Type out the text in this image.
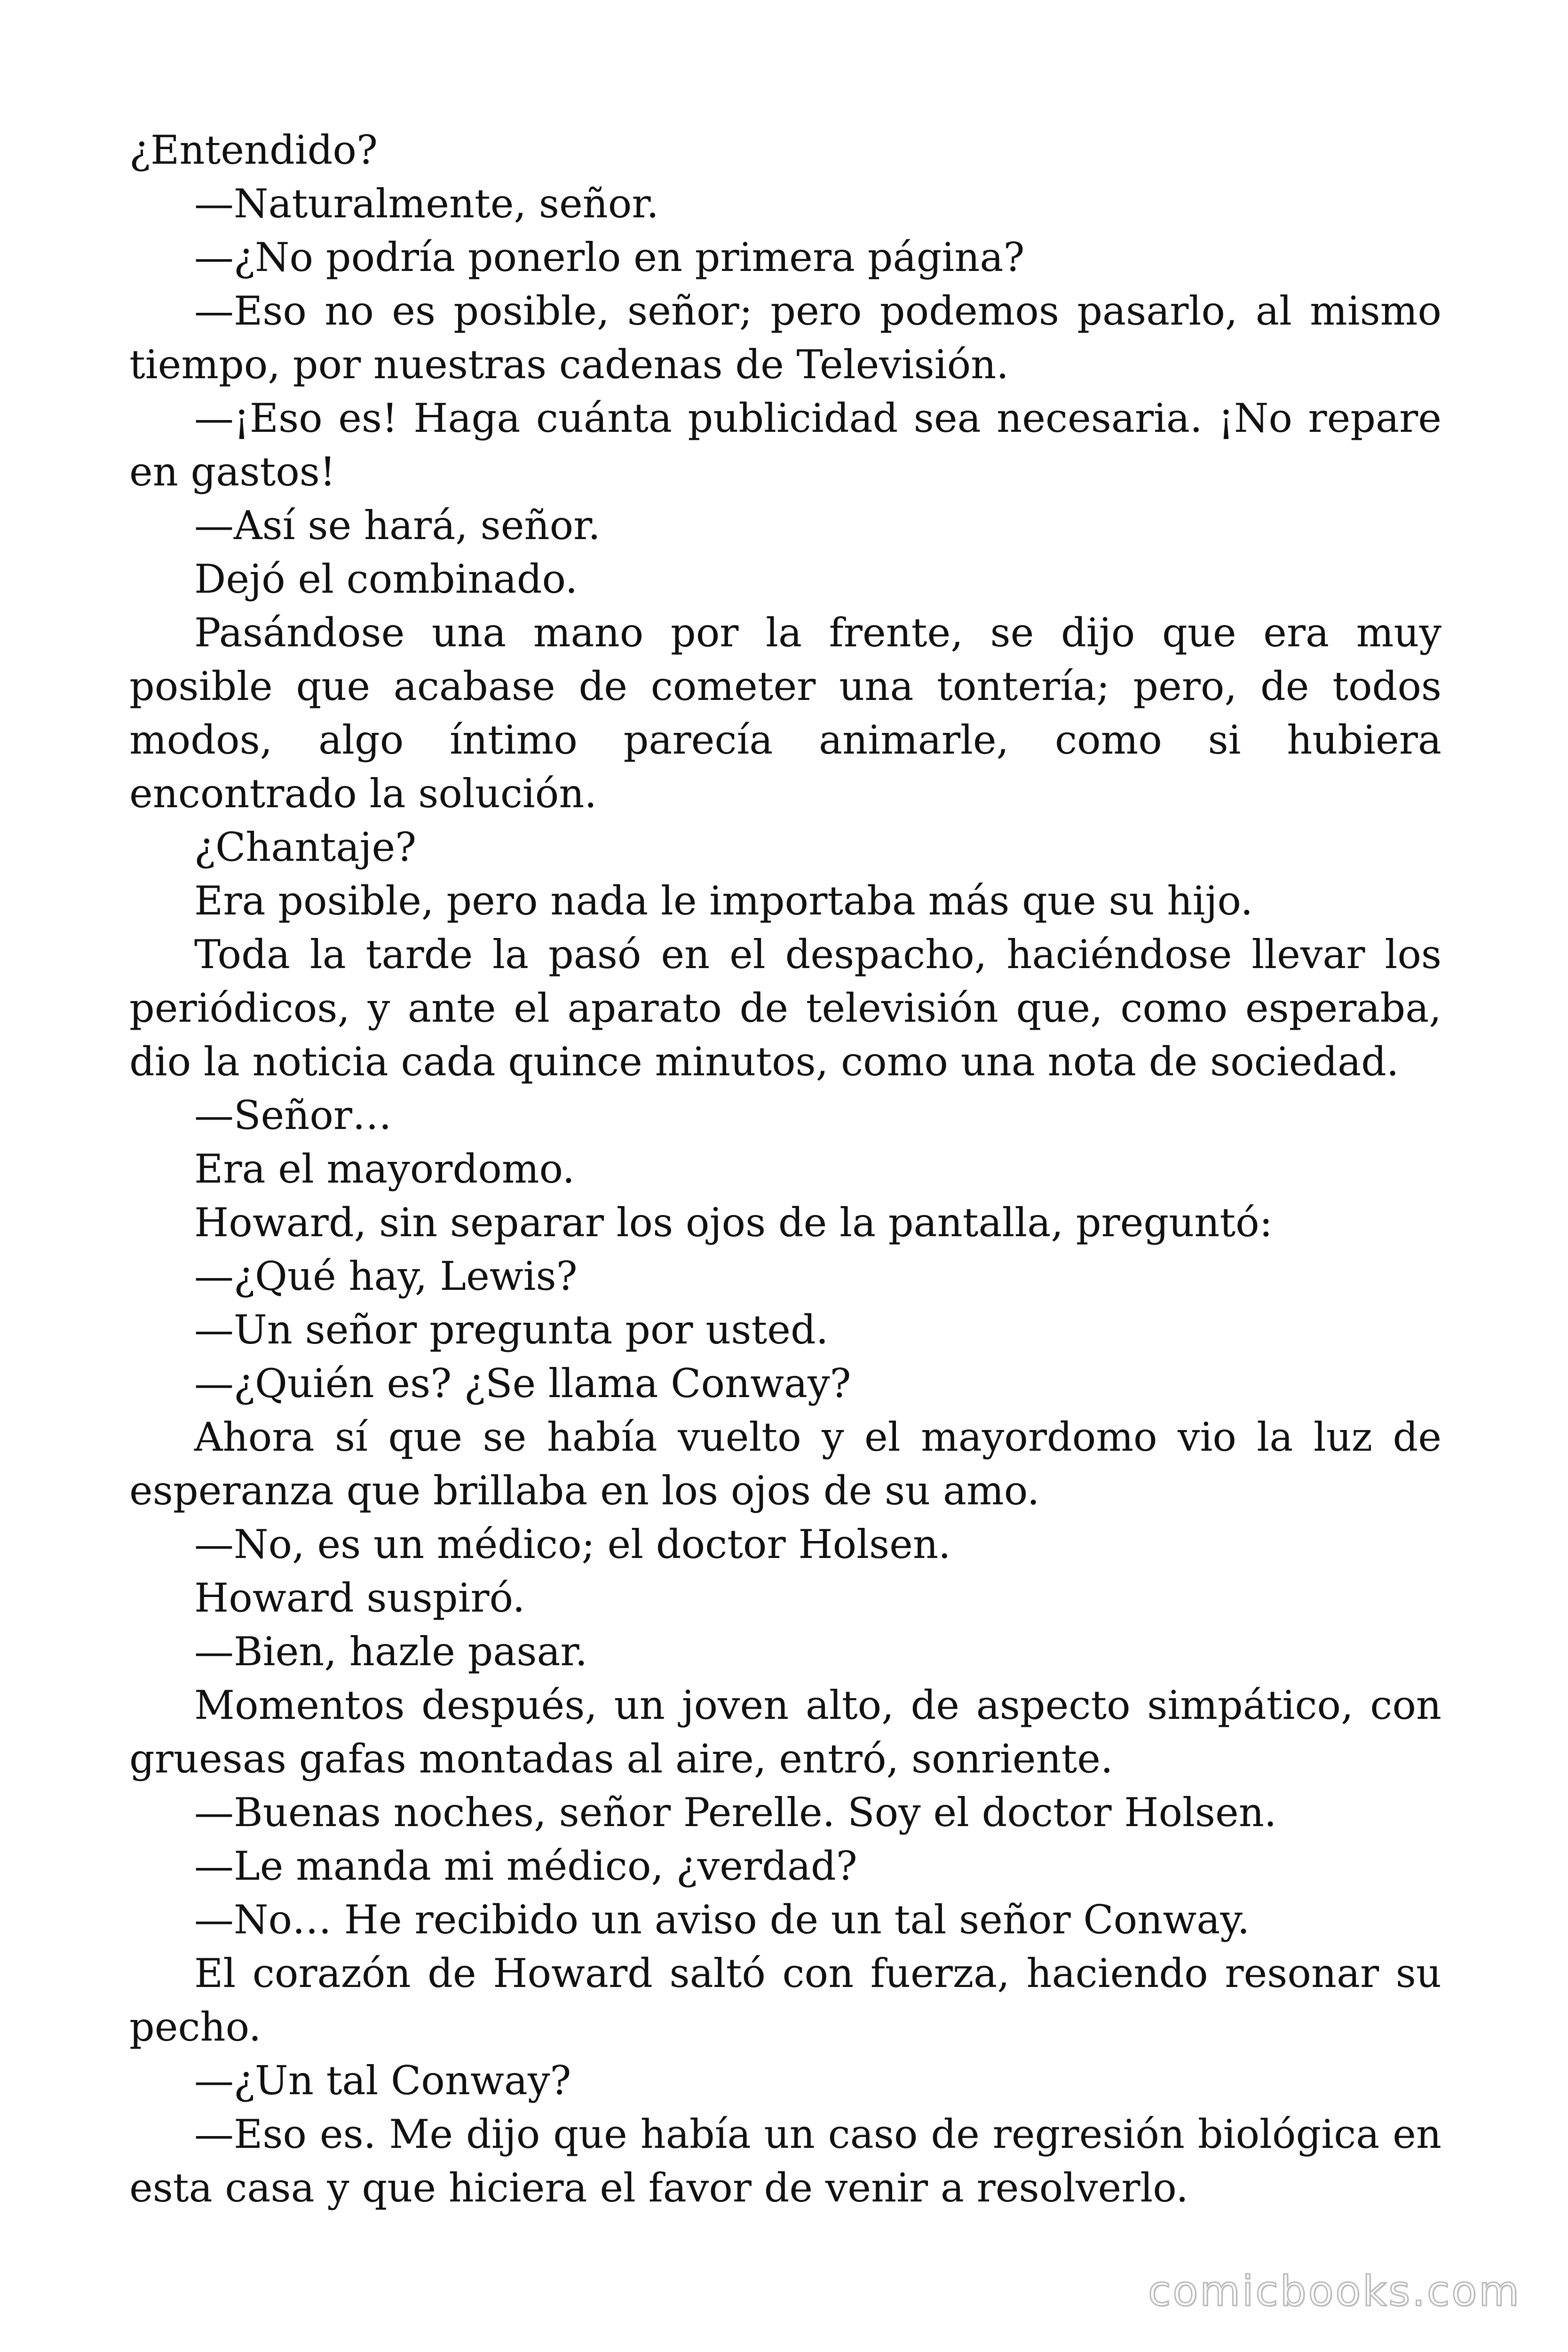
¿Entendido?

—Naturalmente, señor.

—¿No podría ponerlo en primera página?

—Eso no es posible, señor; pero podemos pasarlo, al mismo tiempo, por nuestras cadenas de Televisión.

—¡Eso es! Haga cuánta publicidad sea necesaria. ¡No repare en gastos!

—Así se hará, señor.

Dejó el combinado.

Pasándose una mano por la frente, se dijo que era muy posible que acabase de cometer una tontería; pero, de todos modos, algo íntimo parecía animarle, como si hubiera encontrado la solución.

¿Chantaje?

Era posible, pero nada le importaba más que su hijo.

Toda la tarde la pasó en el despacho, haciéndose llevar los periódicos, y ante el aparato de televisión que, como esperaba, dio la noticia cada quince minutos, como una nota de sociedad.

—Señor…

Era el mayordomo.

Howard, sin separar los ojos de la pantalla, preguntó:

—¿Qué hay, Lewis?

—Un señor pregunta por usted.

—¿Quién es? ¿Se llama Conway?

Ahora sí que se había vuelto y el mayordomo vio la luz de esperanza que brillaba en los ojos de su amo.

—No, es un médico; el doctor Holsen.

Howard suspiró.

—Bien, hazle pasar.

Momentos después, un joven alto, de aspecto simpático, con gruesas gafas montadas al aire, entró, sonriente.

—Buenas noches, señor Perelle. Soy el doctor Holsen.

—Le manda mi médico, ¿verdad?

—No… He recibido un aviso de un tal señor Conway.

El corazón de Howard saltó con fuerza, haciendo resonar su pecho.

—¿Un tal Conway?

—Eso es. Me dijo que había un caso de regresión biológica en esta casa y que hiciera el favor de venir a resolverlo.

comicbooks.com
